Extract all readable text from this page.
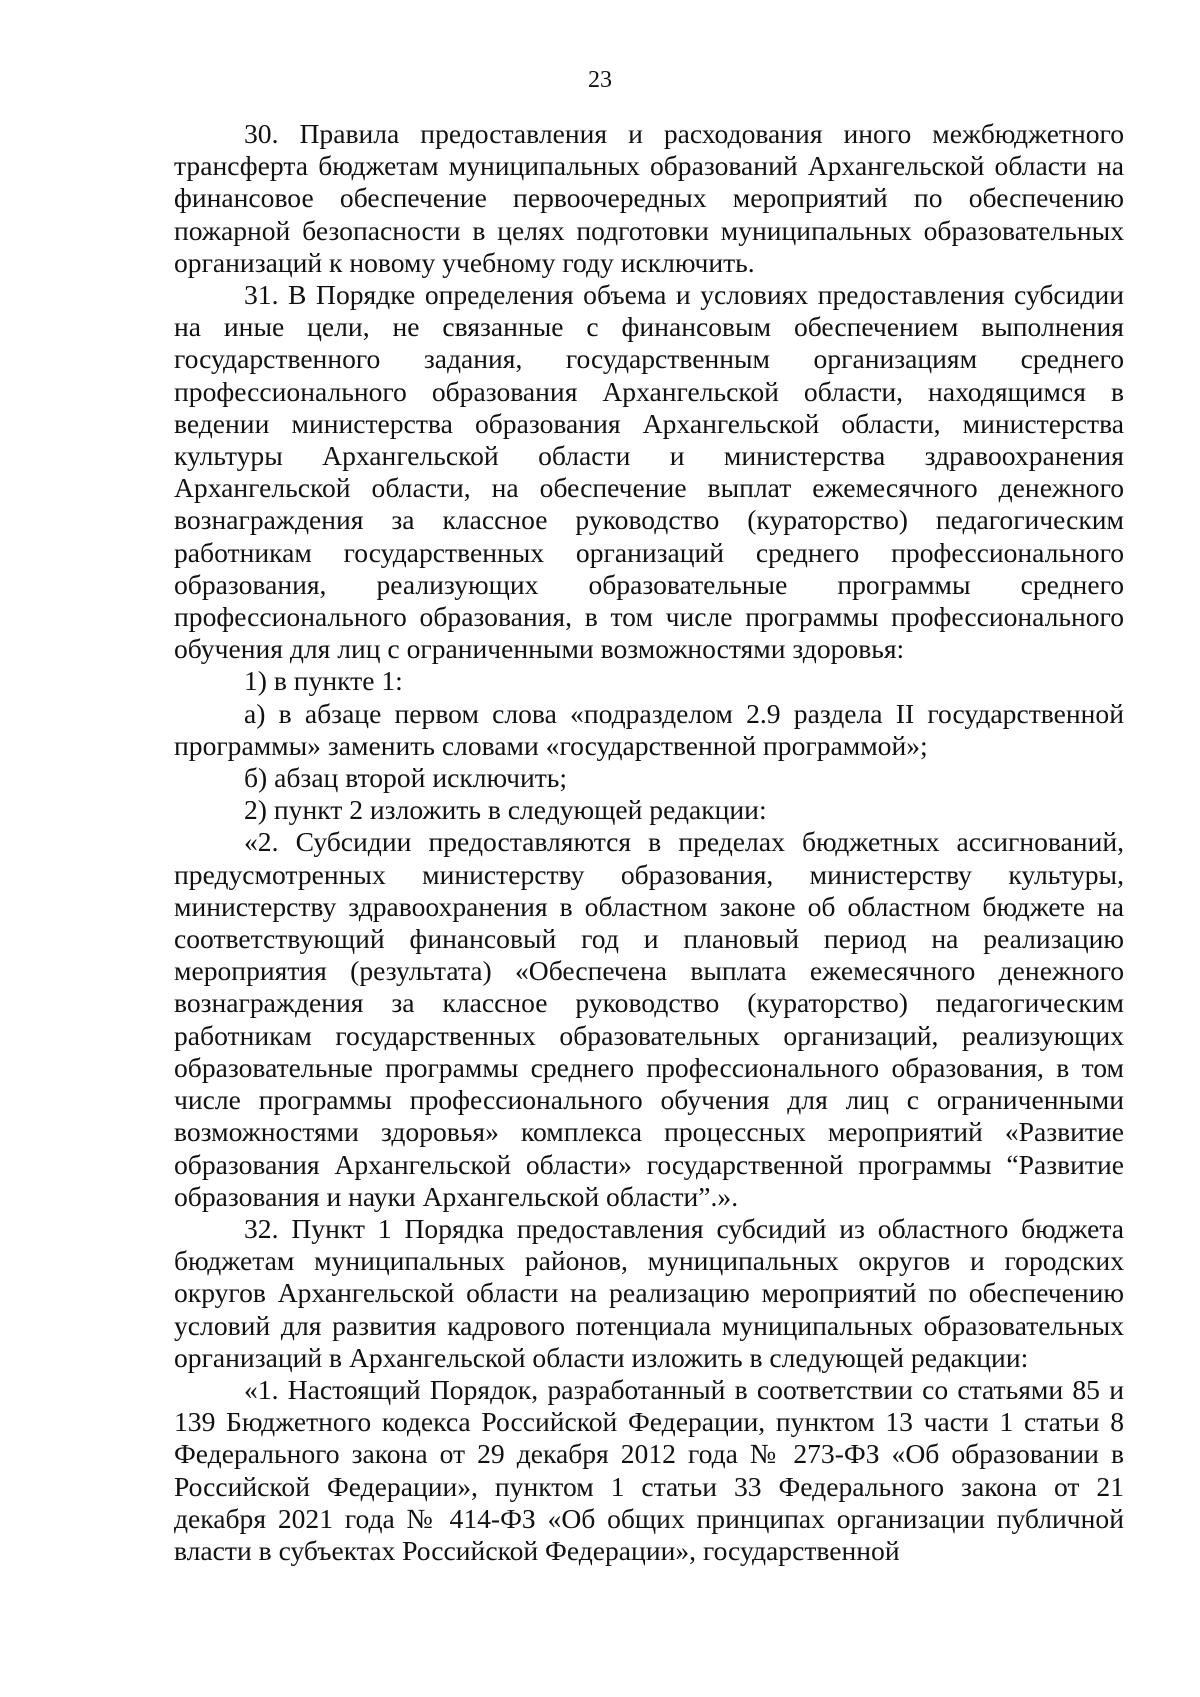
23

30. Правила предоставления и расходования иного межбюджетного трансферта бюджетам муниципальных образований Архангельской области на финансовое обеспечение первоочередных мероприятий по обеспечению пожарной безопасности в целях подготовки муниципальных образовательных организаций к новому учебному году исключить.

31. В Порядке определения объема и условиях предоставления субсидии на иные цели, не связанные с финансовым обеспечением выполнения государственного задания, государственным организациям среднего профессионального образования Архангельской области, находящимся в ведении министерства образования Архангельской области, министерства культуры Архангельской области и министерства здравоохранения Архангельской области, на обеспечение выплат ежемесячного денежного вознаграждения за классное руководство (кураторство) педагогическим работникам государственных организаций среднего профессионального образования, реализующих образовательные программы среднего профессионального образования, в том числе программы профессионального обучения для лиц с ограниченными возможностями здоровья:

1) в пункте 1:

а) в абзаце первом слова «подразделом 2.9 раздела II государственной программы» заменить словами «государственной программой»;

б) абзац второй исключить;

2) пункт 2 изложить в следующей редакции:

«2. Субсидии предоставляются в пределах бюджетных ассигнований, предусмотренных министерству образования, министерству культуры, министерству здравоохранения в областном законе об областном бюджете на соответствующий финансовый год и плановый период на реализацию мероприятия (результата) «Обеспечена выплата ежемесячного денежного вознаграждения за классное руководство (кураторство) педагогическим работникам государственных образовательных организаций, реализующих образовательные программы среднего профессионального образования, в том числе программы профессионального обучения для лиц с ограниченными возможностями здоровья» комплекса процессных мероприятий «Развитие образования Архангельской области» государственной программы “Развитие образования и науки Архангельской области”.».

32. Пункт 1 Порядка предоставления субсидий из областного бюджета бюджетам муниципальных районов, муниципальных округов и городских округов Архангельской области на реализацию мероприятий по обеспечению условий для развития кадрового потенциала муниципальных образовательных организаций в Архангельской области изложить в следующей редакции:

«1. Настоящий Порядок, разработанный в соответствии со статьями 85 и 139 Бюджетного кодекса Российской Федерации, пунктом 13 части 1 статьи 8 Федерального закона от 29 декабря 2012 года № 273-ФЗ «Об образовании в Российской Федерации», пунктом 1 статьи 33 Федерального закона от 21 декабря 2021 года № 414-ФЗ «Об общих принципах организации публичной власти в субъектах Российской Федерации», государственной
